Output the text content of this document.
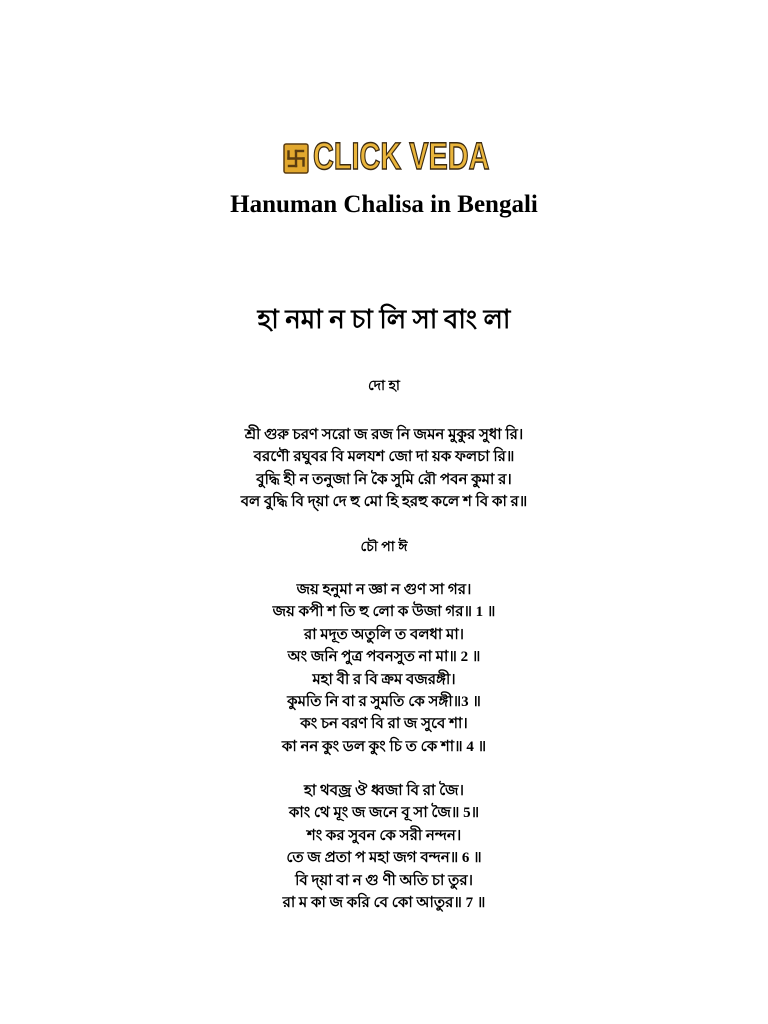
CLICK VEDA
Hanuman Chalisa in Bengali
হা নমা ন চা লি সা বাং লা
দো হা
শ্রী গুরু চরণ সরো জ রজ নি জমন মুকুর সুধা রি।
বরণৌ রঘুবর বি মলযশ জো দা য়ক ফলচা রি॥
বুদ্ধি হী ন তনুজা নি কৈ সুমি রৌ পবন কুমা র।
বল বুদ্ধি বি দ্য়া দে হু মো হি হরহু কলে শ বি কা র॥
চৌ পা ঈ
জয় হনুমা ন জ্ঞা ন গুণ সা গর।
জয় কপী শ তি হু লো ক উজা গর॥ 1 ॥
রা মদূত অতুলি ত বলধা মা।
অং জনি পুত্র পবনসুত না মা॥ 2 ॥
মহা বী র বি ক্রম বজরঙ্গী।
কুমতি নি বা র সুমতি কে সঙ্গী॥3 ॥
কং চন বরণ বি রা জ সুবে শা।
কা নন কুং ডল কুং চি ত কে শা॥ 4 ॥
হা থবজ্র ঔ ধ্বজা বি রা জৈ।
কাং থে মূং জ জনে বূ সা জৈ॥ 5॥
শং কর সুবন কে সরী নন্দন।
তে জ প্রতা প মহা জগ বন্দন॥ 6 ॥
বি দ্য়া বা ন গু ণী অতি চা তুর।
রা ম কা জ করি বে কো আতুর॥ 7 ॥
